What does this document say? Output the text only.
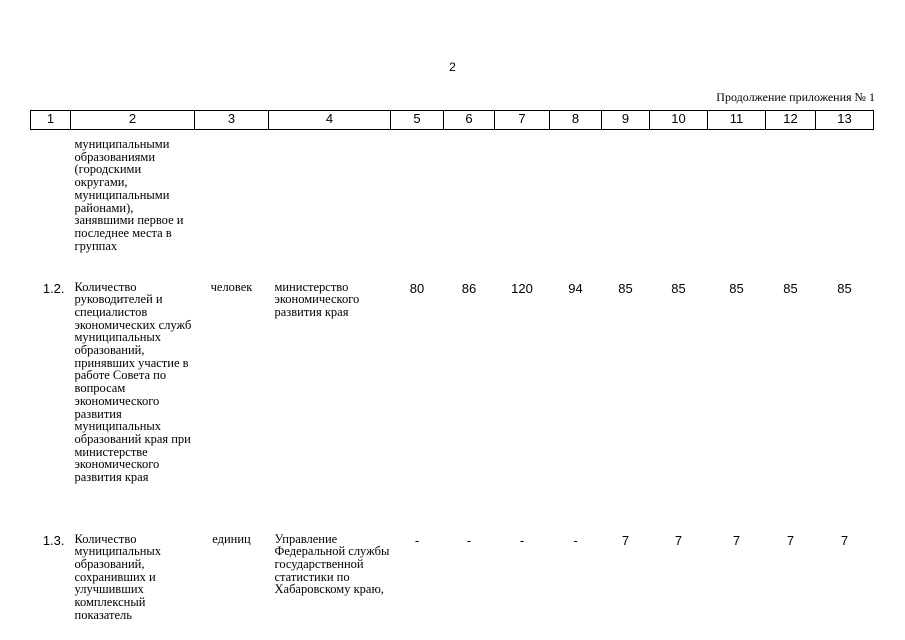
2
Продолжение приложения № 1
1	2	3	4	5	6	7	8	9	10	11	12	13
	муниципальными образованиями (городскими округами, муниципальными районами), занявшими первое и последнее места в группах											
1.2.	Количество руководителей и специалистов экономических служб муниципальных образований, принявших участие в работе Совета по вопросам экономического развития муниципальных образований края при министерстве экономического развития края	человек	министерство экономического развития края	80	86	120	94	85	85	85	85	85
1.3.	Количество муниципальных образований, сохранивших и улучшивших комплексный показатель	единиц	Управление Федеральной службы государственной статистики по Хабаровскому краю,	-	-	-	-	7	7	7	7	7
